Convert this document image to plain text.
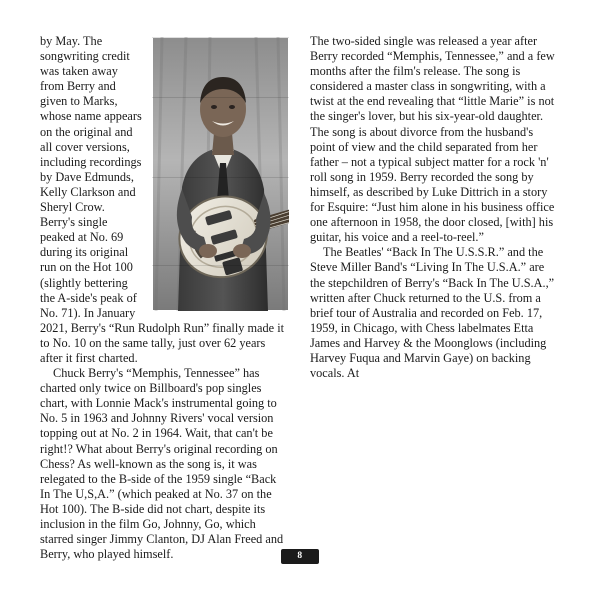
by May. The songwriting credit was taken away from Berry and given to Marks, whose name appears on the original and all cover versions, including recordings by Dave Edmunds, Kelly Clarkson and Sheryl Crow. Berry's single peaked at No. 69 during its original run on the Hot 100 (slightly bettering the A-side's peak of No. 71). In January 2021, Berry's “Run Rudolph Run” finally made it to No. 10 on the same tally, just over 62 years after it first charted.

Chuck Berry's “Memphis, Tennessee” has charted only twice on Billboard's pop singles chart, with Lonnie Mack's instrumental going to No. 5 in 1963 and Johnny Rivers' vocal version topping out at No. 2 in 1964. Wait, that can't be right!? What about Berry's original recording on Chess? As well-known as the song is, it was relegated to the B-side of the 1959 single “Back In The U,S,A.” (which peaked at No. 37 on the Hot 100). The B-side did not chart, despite its inclusion in the film Go, Johnny, Go, which starred singer Jimmy Clanton, DJ Alan Freed and Berry, who played himself.

The two-sided single was released a year after Berry recorded “Memphis, Tennessee,” and a few months after the film's release. The song is considered a master class in songwriting, with a twist at the end revealing that “little Marie” is not the singer's lover, but his six-year-old daughter. The song is about divorce from the husband's point of view and the child separated from her father – not a typical subject matter for a rock 'n' roll song in 1959. Berry recorded the song by himself, as described by Luke Dittrich in a story for Esquire: “Just him alone in his business office one afternoon in 1958, the door closed, [with] his guitar, his voice and a reel-to-reel.”

The Beatles' “Back In The U.S.S.R.” and the Steve Miller Band's “Living In The U.S.A.” are the stepchildren of Berry's “Back In The U.S.A.,” written after Chuck returned to the U.S. from a brief tour of Australia and recorded on Feb. 17, 1959, in Chicago, with Chess labelmates Etta James and Harvey & the Moonglows (including Harvey Fuqua and Marvin Gaye) on backing vocals. At

8
